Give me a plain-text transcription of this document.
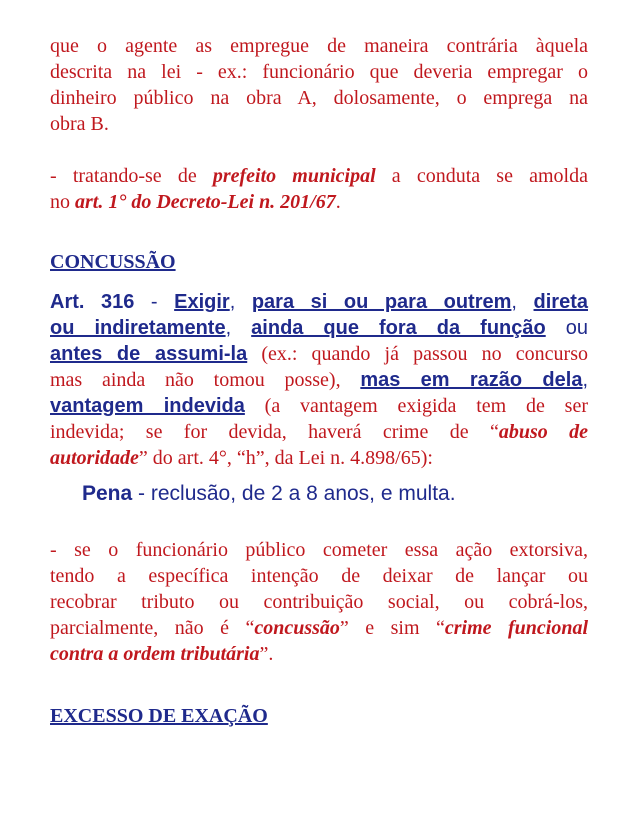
que o agente as empregue de maneira contrária àquela
descrita na lei - ex.: funcionário que deveria empregar o
dinheiro público na obra A, dolosamente, o emprega na
obra B.
- tratando-se de prefeito municipal a conduta se amolda
no art. 1° do Decreto-Lei n. 201/67.
CONCUSSÃO
Art. 316 - Exigir, para si ou para outrem, direta
ou indiretamente, ainda que fora da função ou
antes de assumi-la (ex.: quando já passou no concurso
mas ainda não tomou posse), mas em razão dela,
vantagem indevida (a vantagem exigida tem de ser
indevida; se for devida, haverá crime de “abuso de
autoridade” do art. 4°, “h”, da Lei n. 4.898/65):
Pena - reclusão, de 2 a 8 anos, e multa.
- se o funcionário público cometer essa ação extorsiva,
tendo a específica intenção de deixar de lançar ou
recobrar tributo ou contribuição social, ou cobrá-los,
parcialmente, não é “concussão” e sim “crime funcional
contra a ordem tributária”.
EXCESSO DE EXAÇÃO
